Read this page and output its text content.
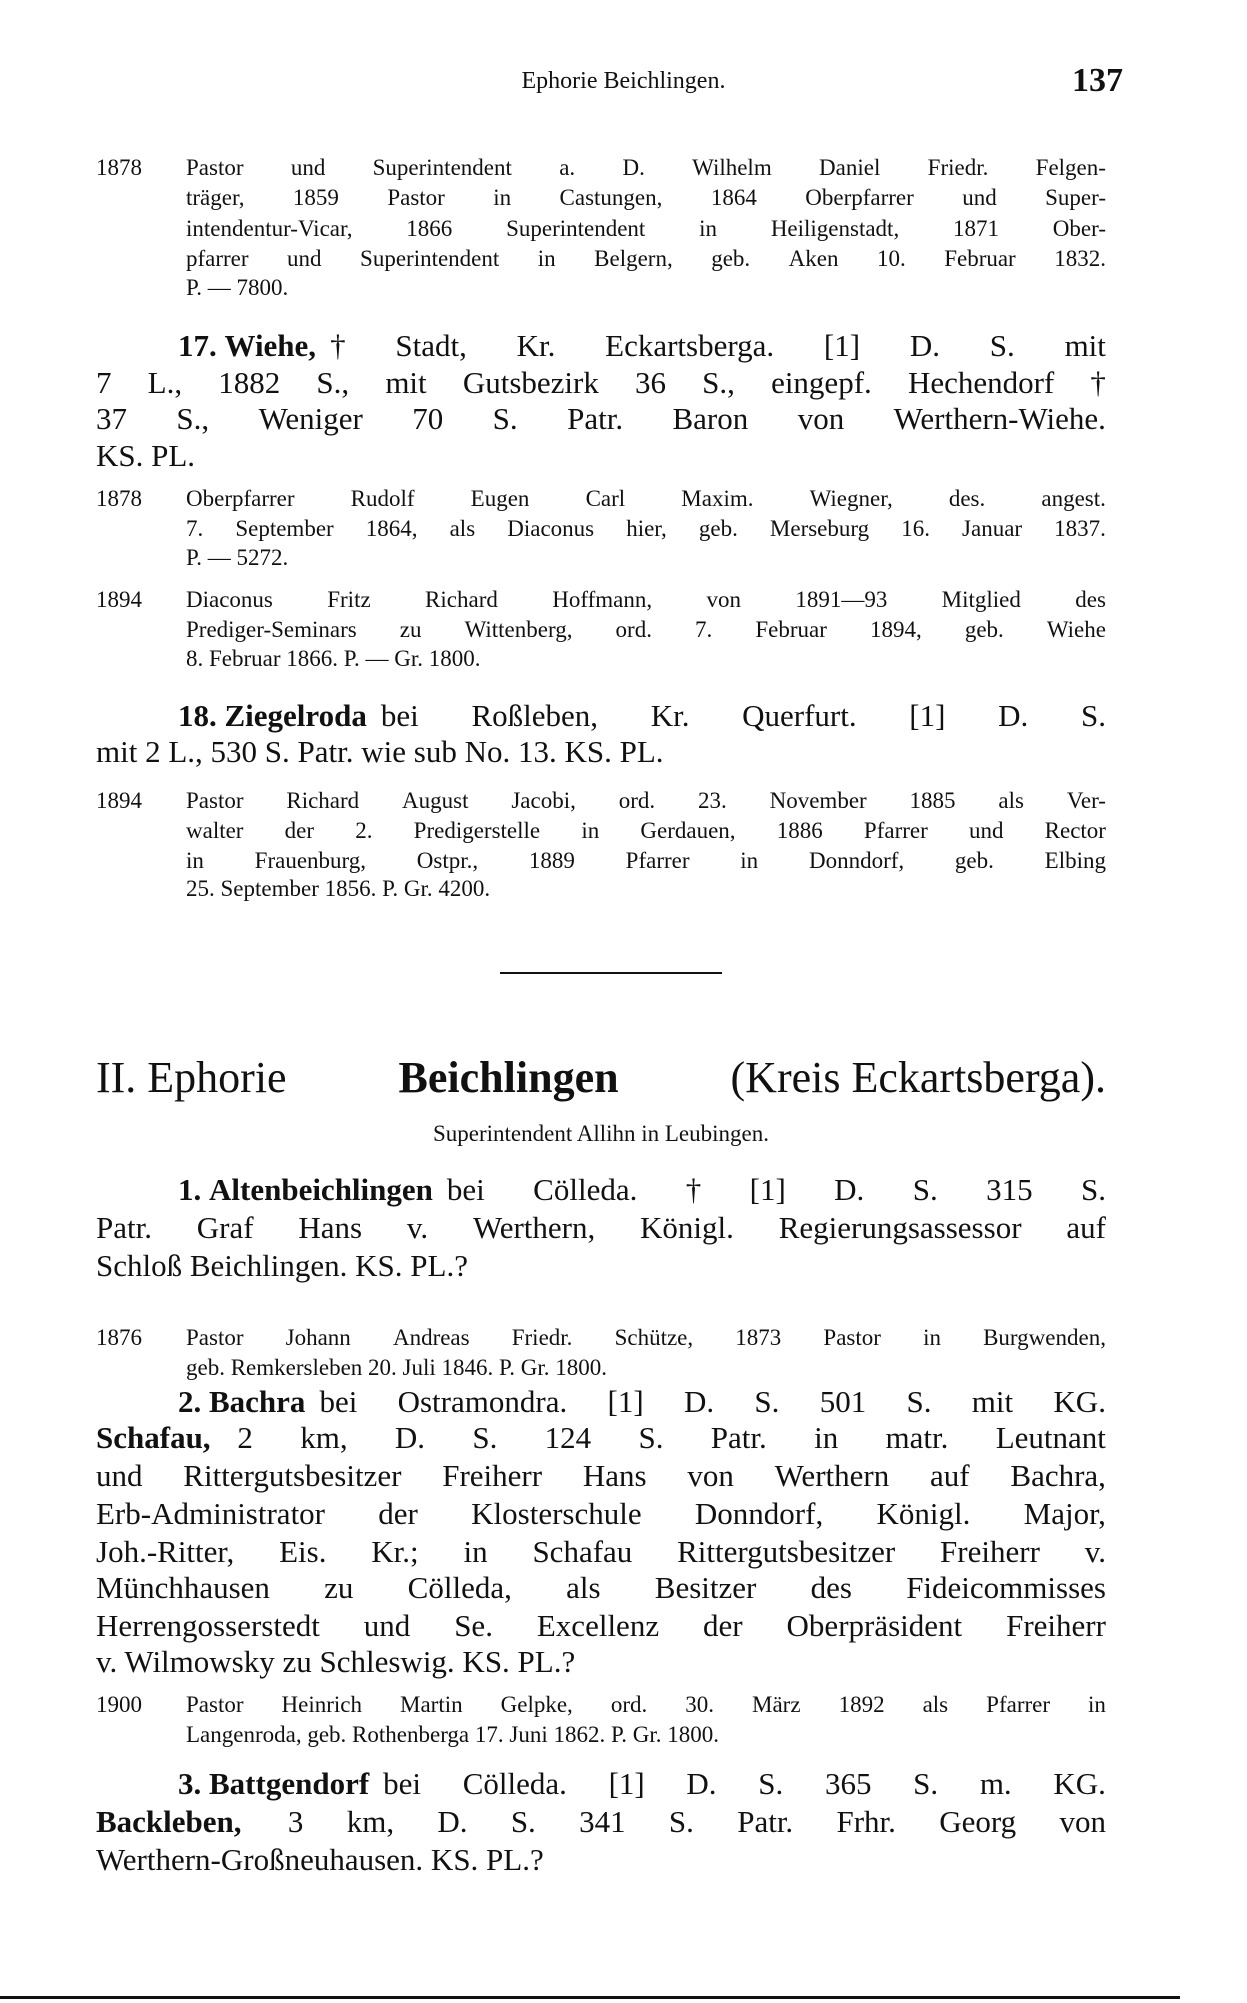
Ephorie Beichlingen.	137
1878 Pastor und Superintendent a. D. Wilhelm Daniel Friedr. Felgen-
träger, 1859 Pastor in Castungen, 1864 Oberpfarrer und Super-
intendentur-Vicar, 1866 Superintendent in Heiligenstadt, 1871 Ober-
pfarrer und Superintendent in Belgern, geb. Aken 10. Februar 1832.
P. — 7800.
17. Wiehe, † Stadt, Kr. Eckartsberga. [1] D. S. mit
7 L., 1882 S., mit Gutsbezirk 36 S., eingepf. Hechendorf †
37 S., Weniger 70 S. Patr. Baron von Werthern-Wiehe.
KS. PL.
1878 Oberpfarrer Rudolf Eugen Carl Maxim. Wiegner, des. angest.
7. September 1864, als Diaconus hier, geb. Merseburg 16. Januar 1837.
P. — 5272.
1894 Diaconus Fritz Richard Hoffmann, von 1891—93 Mitglied des
Prediger-Seminars zu Wittenberg, ord. 7. Februar 1894, geb. Wiehe
8. Februar 1866. P. — Gr. 1800.
18. Ziegelroda bei Roßleben, Kr. Querfurt. [1] D. S.
mit 2 L., 530 S. Patr. wie sub No. 13. KS. PL.
1894 Pastor Richard August Jacobi, ord. 23. November 1885 als Ver-
walter der 2. Predigerstelle in Gerdauen, 1886 Pfarrer und Rector
in Frauenburg, Ostpr., 1889 Pfarrer in Donndorf, geb. Elbing
25. September 1856. P. Gr. 4200.
II. Ephorie	Beichlingen	(Kreis Eckartsberga).
Superintendent Allihn in Leubingen.
1. Altenbeichlingen bei Cölleda. † [1] D. S. 315 S.
Patr. Graf Hans v. Werthern, Königl. Regierungsassessor auf
Schloß Beichlingen. KS. PL.?
1876 Pastor Johann Andreas Friedr. Schütze, 1873 Pastor in Burgwenden,
geb. Remkersleben 20. Juli 1846. P. Gr. 1800.
2. Bachra bei Ostramondra. [1] D. S. 501 S. mit KG.
Schafau, 2 km, D. S. 124 S. Patr. in matr. Leutnant
und Rittergutsbesitzer Freiherr Hans von Werthern auf Bachra,
Erb-Administrator der Klosterschule Donndorf, Königl. Major,
Joh.-Ritter, Eis. Kr.; in Schafau Rittergutsbesitzer Freiherr v.
Münchhausen zu Cölleda, als Besitzer des Fideicommisses
Herrengosserstedt und Se. Excellenz der Oberpräsident Freiherr
v. Wilmowsky zu Schleswig. KS. PL.?
1900 Pastor Heinrich Martin Gelpke, ord. 30. März 1892 als Pfarrer in
Langenroda, geb. Rothenberga 17. Juni 1862. P. Gr. 1800.
3. Battgendorf bei Cölleda. [1] D. S. 365 S. m. KG.
Backleben, 3 km, D. S. 341 S. Patr. Frhr. Georg von
Werthern-Großneuhausen. KS. PL.?
